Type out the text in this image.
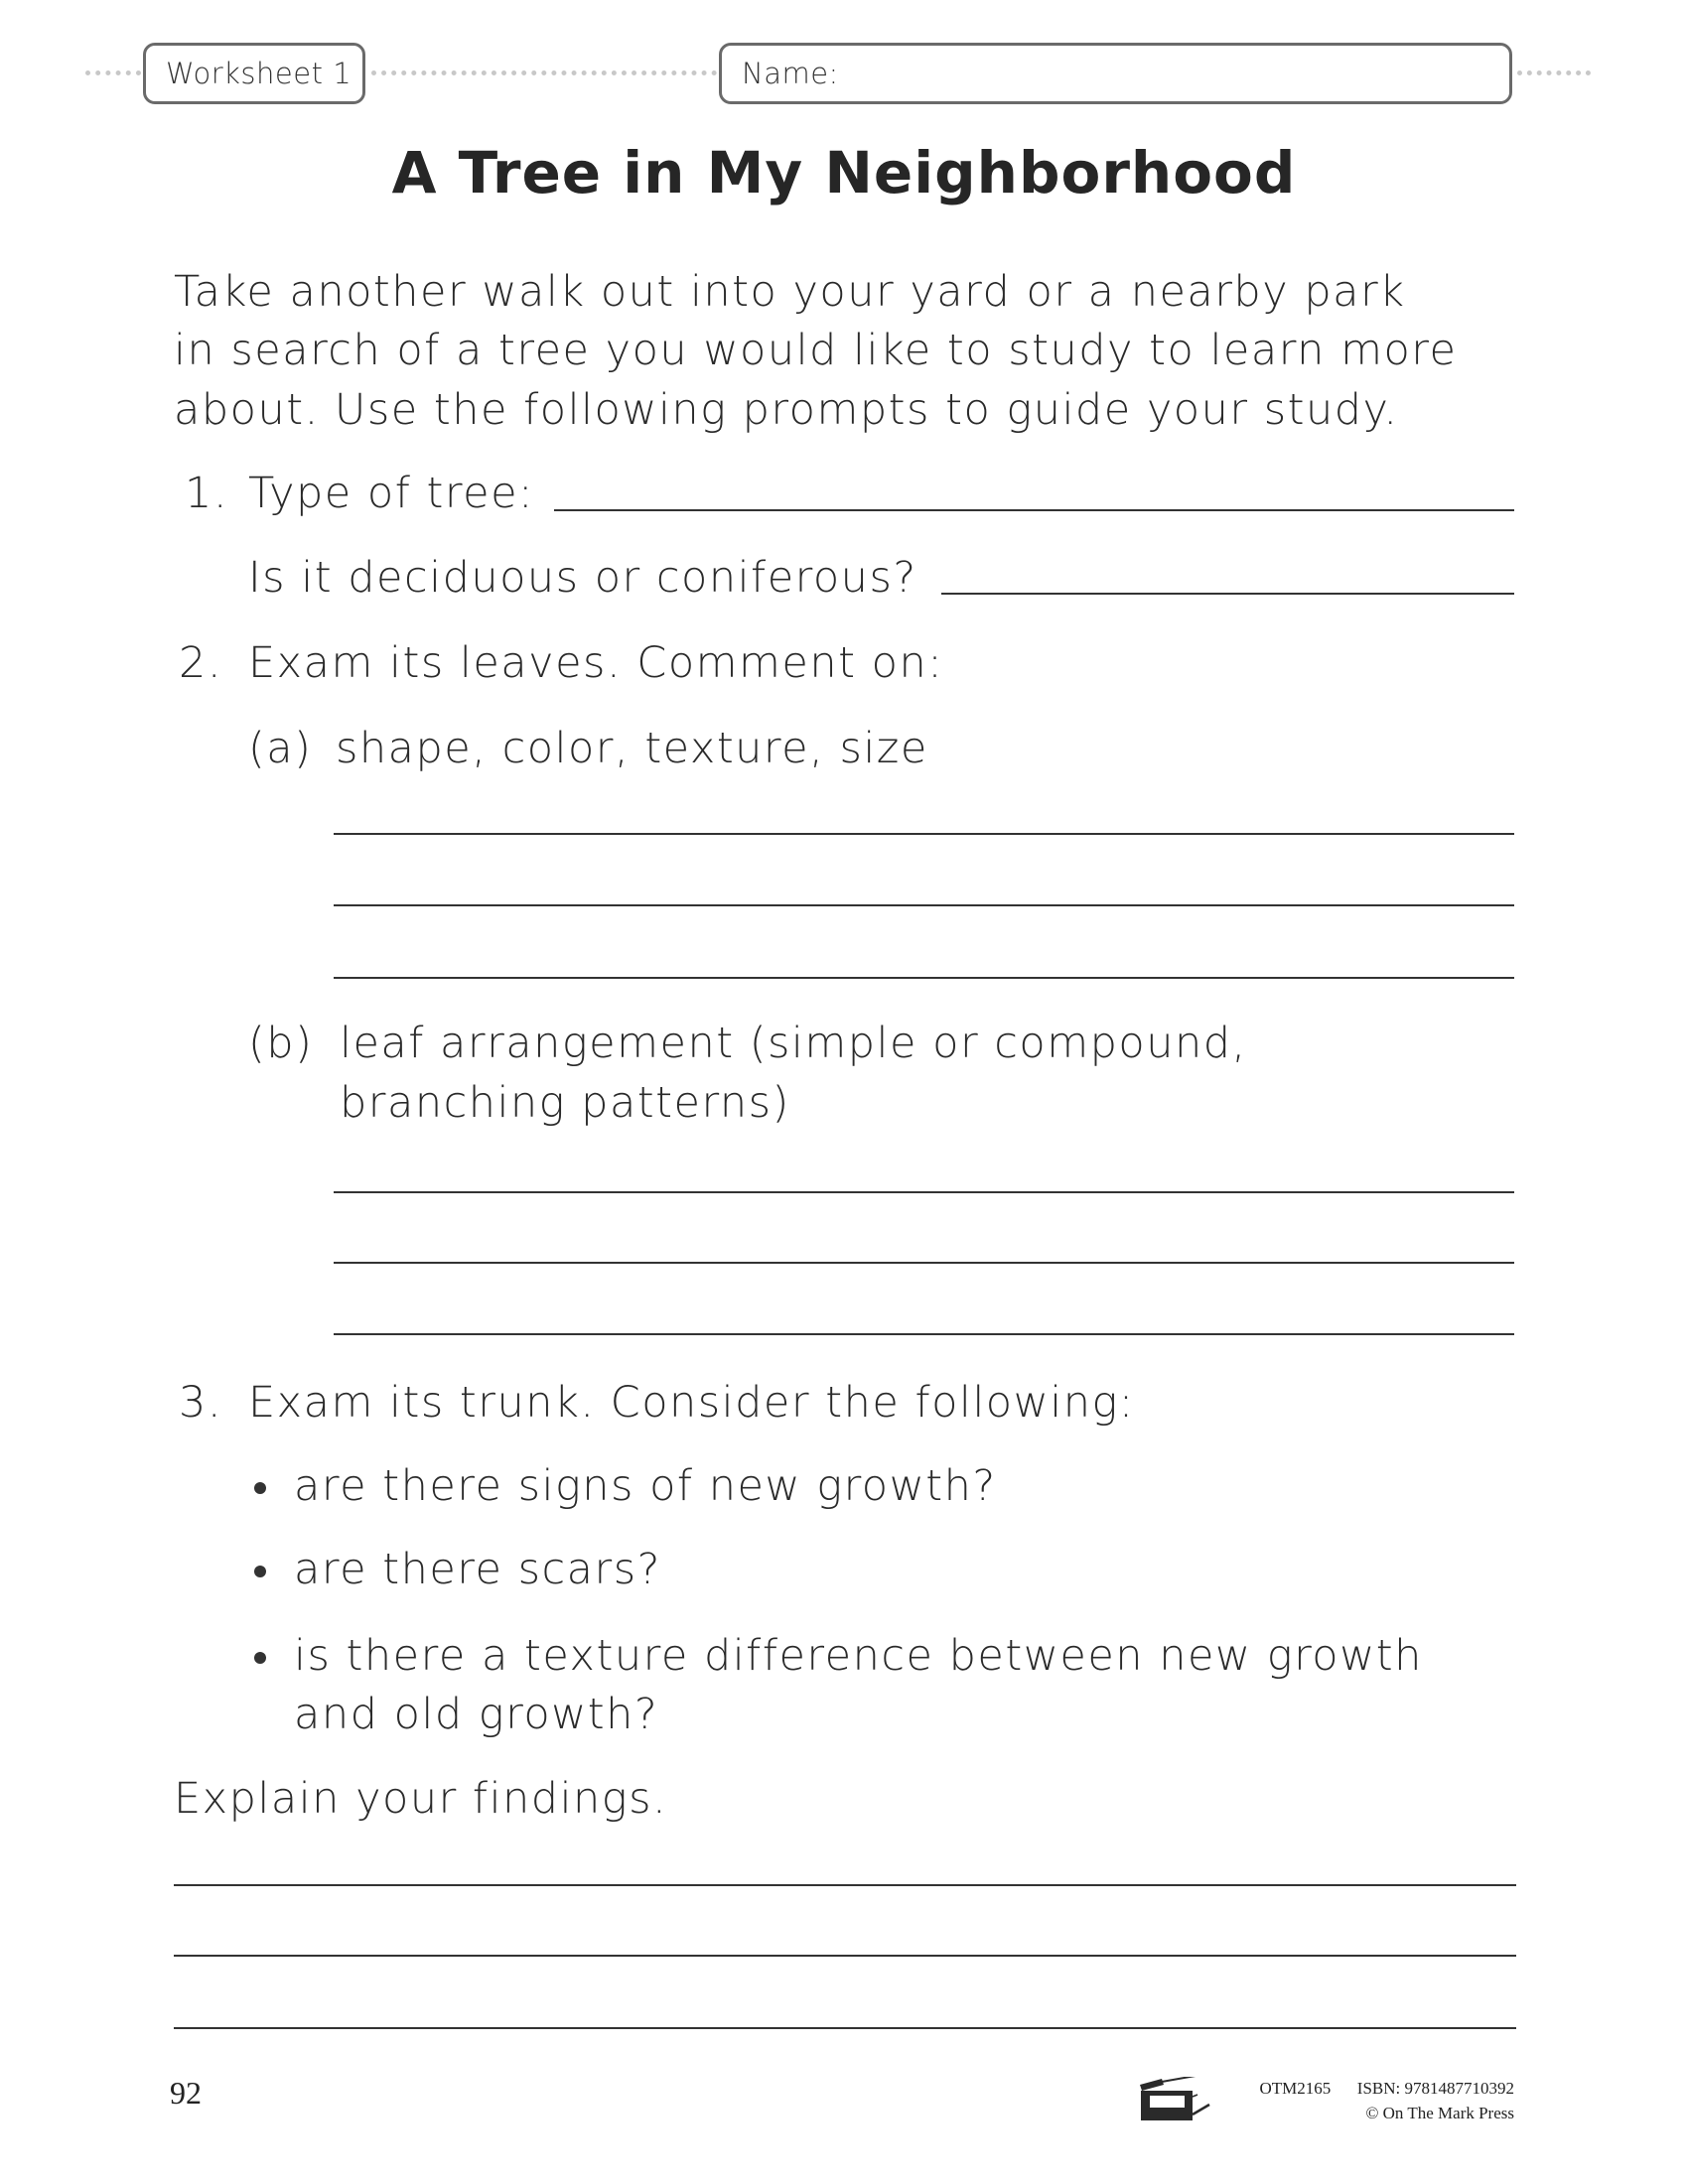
Worksheet 1	Name:
A Tree in My Neighborhood
Take another walk out into your yard or a nearby park
in search of a tree you would like to study to learn more
about. Use the following prompts to guide your study.
1. Type of tree:
Is it deciduous or coniferous?
2. Exam its leaves. Comment on:
(a) shape, color, texture, size
(b) leaf arrangement (simple or compound,
branching patterns)
3. Exam its trunk. Consider the following:
are there signs of new growth?
are there scars?
is there a texture difference between new growth
and old growth?
Explain your findings.
92	OTM2165 ISBN: 9781487710392
© On The Mark Press
